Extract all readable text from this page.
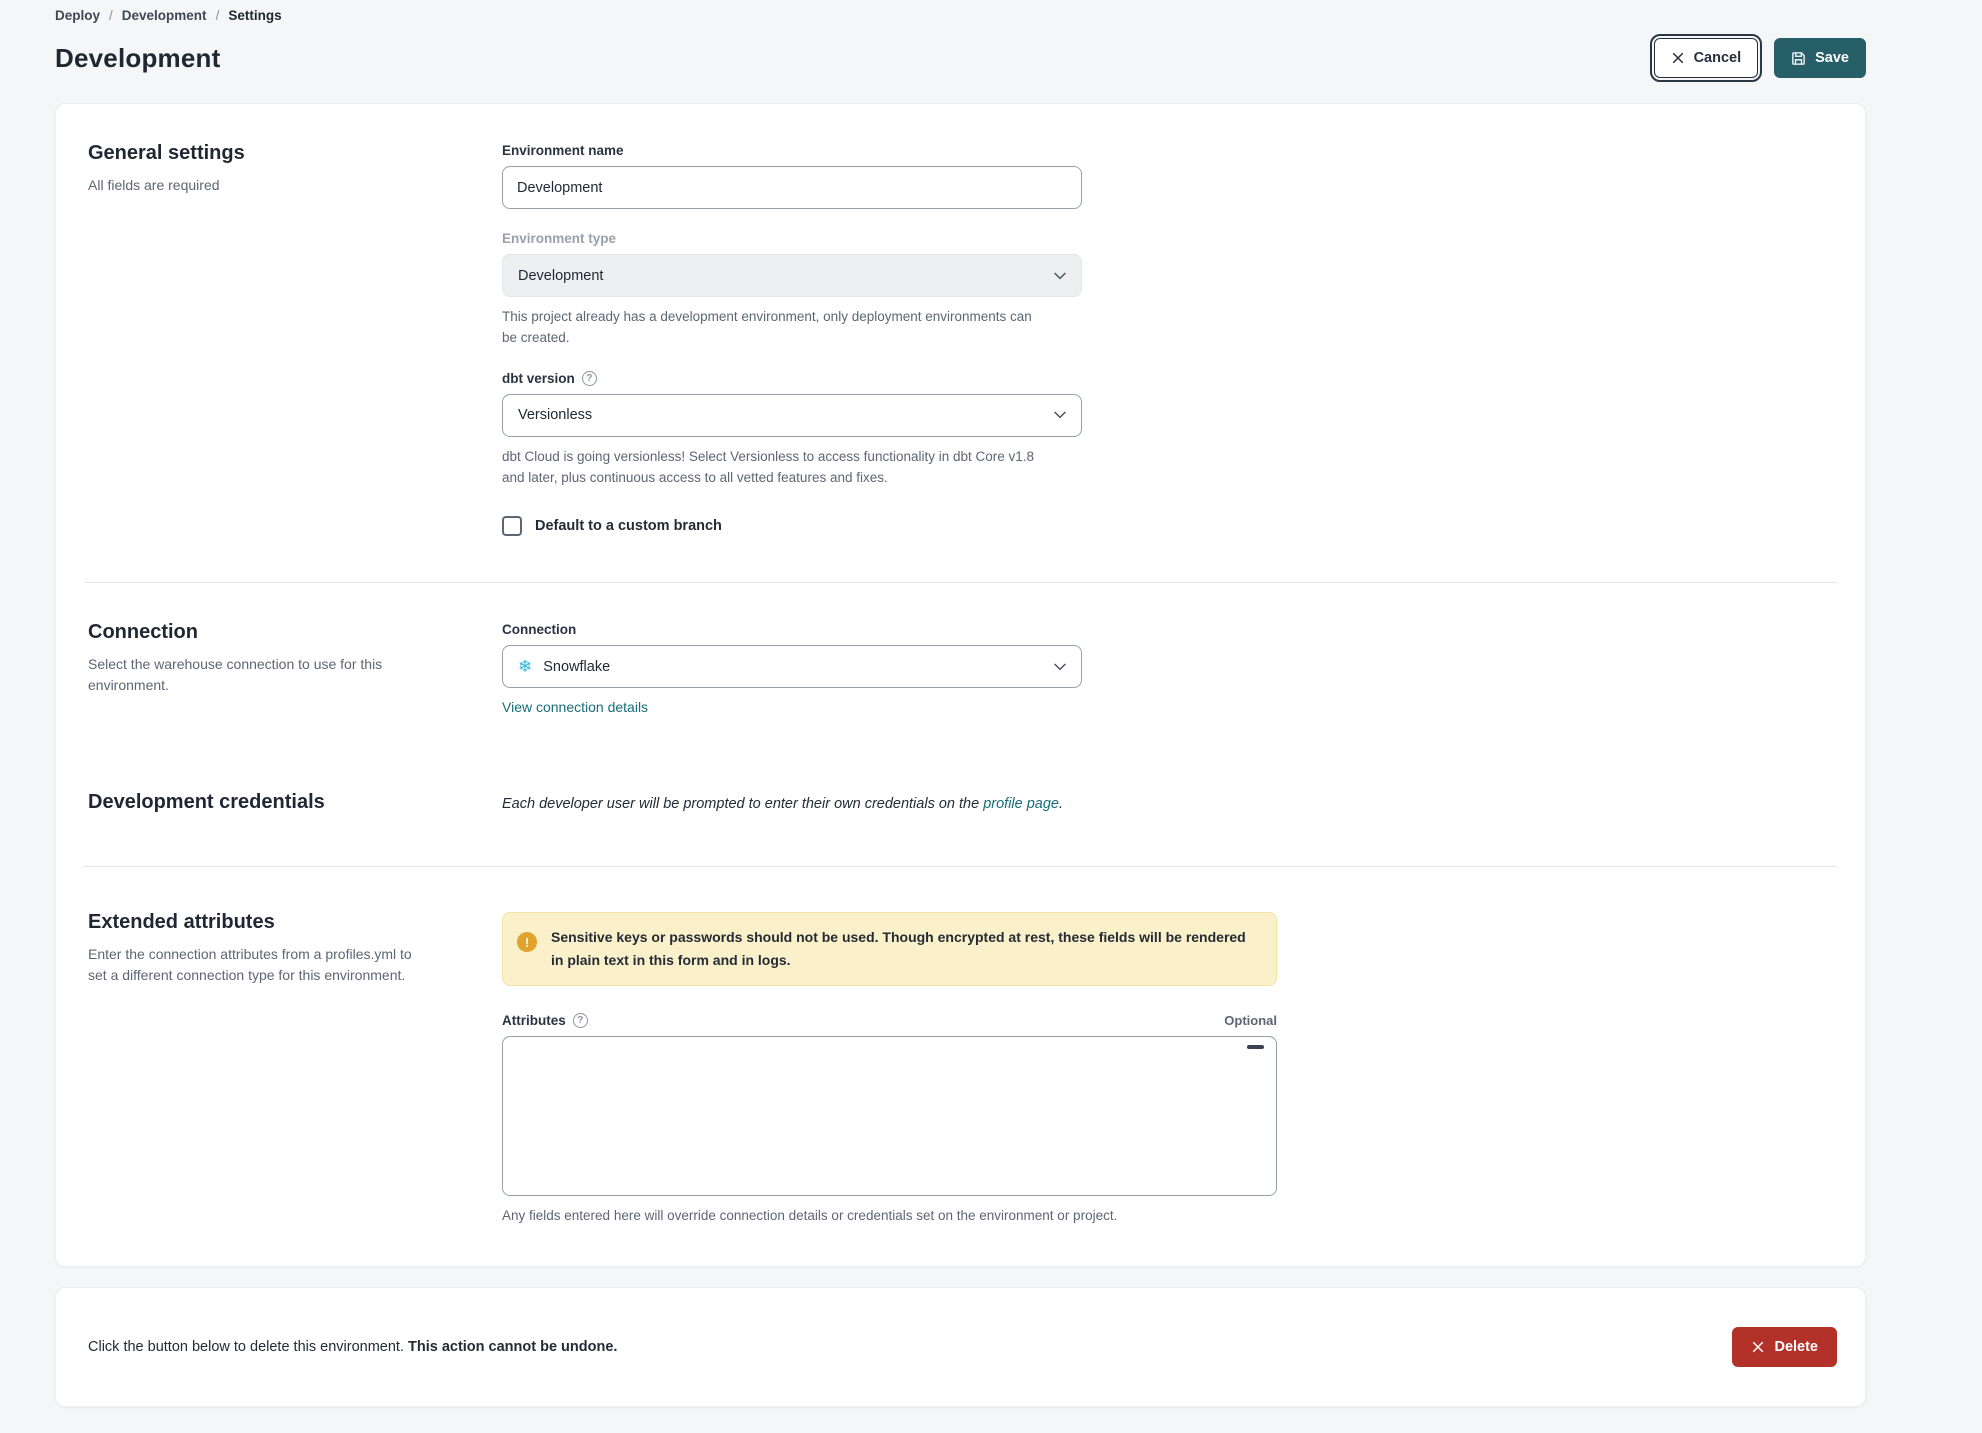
Deploy / Development / Settings
Development	Cancel	Save
General settings

All fields are required

Environment name
Development
Environment type
Development

This project already has a development environment, only deployment environments can be created.

dbt version	?
Versionless

dbt Cloud is going versionless! Select Versionless to access functionality in dbt Core v1.8 and later, plus continuous access to all vetted features and fixes.

Default to a custom branch
Connection

Select the warehouse connection to use for this environment.

Connection
❄ Snowflake
View connection details
Development credentials	Each developer user will be prompted to enter their own credentials on the profile page.

Extended attributes

Enter the connection attributes from a profiles.yml to set a different connection type for this environment.

!	Sensitive keys or passwords should not be used. Though encrypted at rest, these fields will be rendered in plain text in this form and in logs.

Attributes	?	Optional

Any fields entered here will override connection details or credentials set on the environment or project.

Click the button below to delete this environment. This action cannot be undone.	Delete
